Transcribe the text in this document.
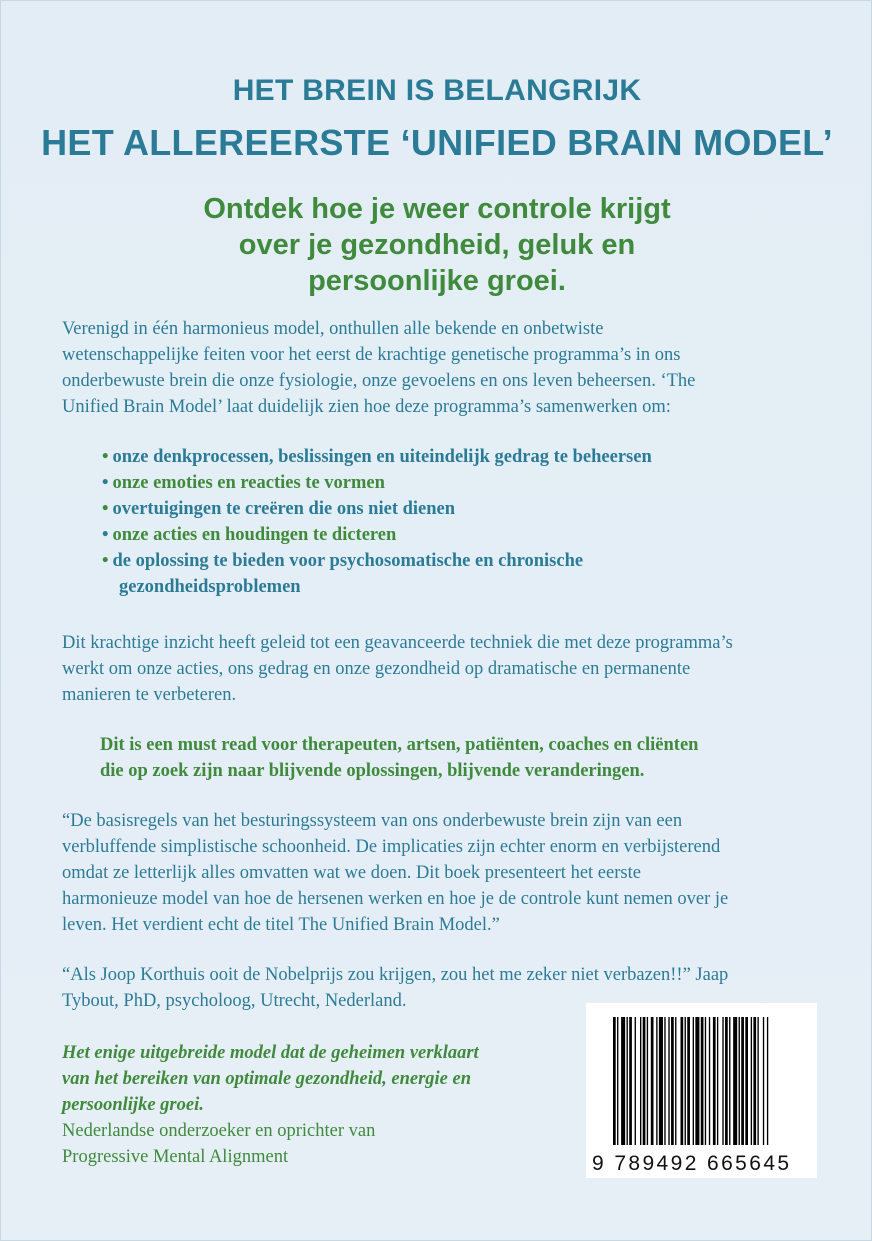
HET BREIN IS BELANGRIJK
HET ALLEREERSTE ‘UNIFIED BRAIN MODEL’

Ontdek hoe je weer controle krijgt

over je gezondheid, geluk en

persoonlijke groei.

Verenigd in één harmonieus model, onthullen alle bekende en onbetwiste

wetenschappelijke feiten voor het eerst de krachtige genetische programma’s in ons

onderbewuste brein die onze fysiologie, onze gevoelens en ons leven beheersen. ‘The

Unified Brain Model’ laat duidelijk zien hoe deze programma’s samenwerken om:

• onze denkprocessen, beslissingen en uiteindelijk gedrag te beheersen

• onze emoties en reacties te vormen

• overtuigingen te creëren die ons niet dienen

• onze acties en houdingen te dicteren

• de oplossing te bieden voor psychosomatische en chronische

gezondheidsproblemen

Dit krachtige inzicht heeft geleid tot een geavanceerde techniek die met deze programma’s

werkt om onze acties, ons gedrag en onze gezondheid op dramatische en permanente

manieren te verbeteren.

Dit is een must read voor therapeuten, artsen, patiënten, coaches en cliënten

die op zoek zijn naar blijvende oplossingen, blijvende veranderingen.

“De basisregels van het besturingssysteem van ons onderbewuste brein zijn van een

verbluffende simplistische schoonheid. De implicaties zijn echter enorm en verbijsterend

omdat ze letterlijk alles omvatten wat we doen. Dit boek presenteert het eerste

harmonieuze model van hoe de hersenen werken en hoe je de controle kunt nemen over je

leven. Het verdient echt de titel The Unified Brain Model.”

“Als Joop Korthuis ooit de Nobelprijs zou krijgen, zou het me zeker niet verbazen!!” Jaap

Tybout, PhD, psycholoog, Utrecht, Nederland.

Het enige uitgebreide model dat de geheimen verklaart

van het bereiken van optimale gezondheid, energie en

persoonlijke groei.

Nederlandse onderzoeker en oprichter van

Progressive Mental Alignment	9 789492 665645
